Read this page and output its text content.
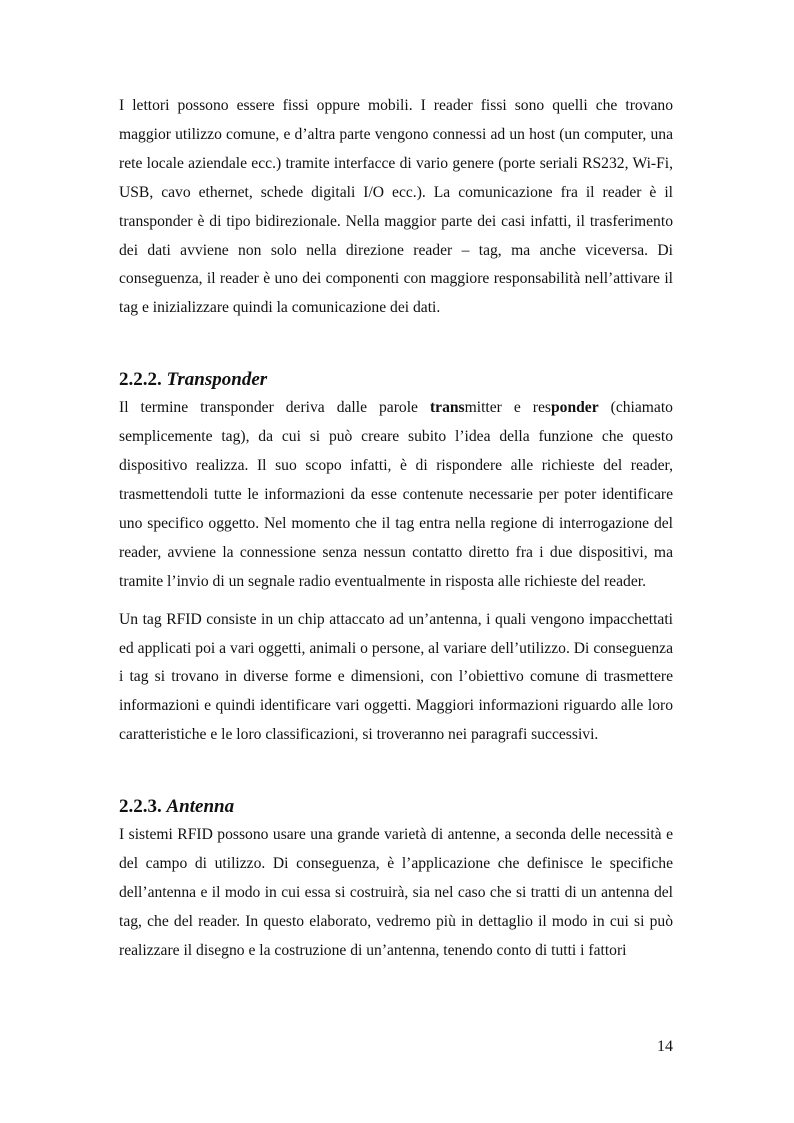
I lettori possono essere fissi oppure mobili. I reader fissi sono quelli che trovano maggior utilizzo comune, e d’altra parte vengono connessi ad un host (un computer, una rete locale aziendale ecc.) tramite interfacce di vario genere (porte seriali RS232, Wi-Fi, USB, cavo ethernet, schede digitali I/O ecc.). La comunicazione fra il reader è il transponder è di tipo bidirezionale. Nella maggior parte dei casi infatti, il trasferimento dei dati avviene non solo nella direzione reader – tag, ma anche viceversa. Di conseguenza, il reader è uno dei componenti con maggiore responsabilità nell’attivare il tag e inizializzare quindi la comunicazione dei dati.

2.2.2. Transponder

Il termine transponder deriva dalle parole transmitter e responder (chiamato semplicemente tag), da cui si può creare subito l’idea della funzione che questo dispositivo realizza. Il suo scopo infatti, è di rispondere alle richieste del reader, trasmettendoli tutte le informazioni da esse contenute necessarie per poter identificare uno specifico oggetto. Nel momento che il tag entra nella regione di interrogazione del reader, avviene la connessione senza nessun contatto diretto fra i due dispositivi, ma tramite l’invio di un segnale radio eventualmente in risposta alle richieste del reader.

Un tag RFID consiste in un chip attaccato ad un’antenna, i quali vengono impacchettati ed applicati poi a vari oggetti, animali o persone, al variare dell’utilizzo. Di conseguenza i tag si trovano in diverse forme e dimensioni, con l’obiettivo comune di trasmettere informazioni e quindi identificare vari oggetti. Maggiori informazioni riguardo alle loro caratteristiche e le loro classificazioni, si troveranno nei paragrafi successivi.

2.2.3. Antenna

I sistemi RFID possono usare una grande varietà di antenne, a seconda delle necessità e del campo di utilizzo. Di conseguenza, è l’applicazione che definisce le specifiche dell’antenna e il modo in cui essa si costruirà, sia nel caso che si tratti di un antenna del tag, che del reader. In questo elaborato, vedremo più in dettaglio il modo in cui si può realizzare il disegno e la costruzione di un’antenna, tenendo conto di tutti i fattori

14
